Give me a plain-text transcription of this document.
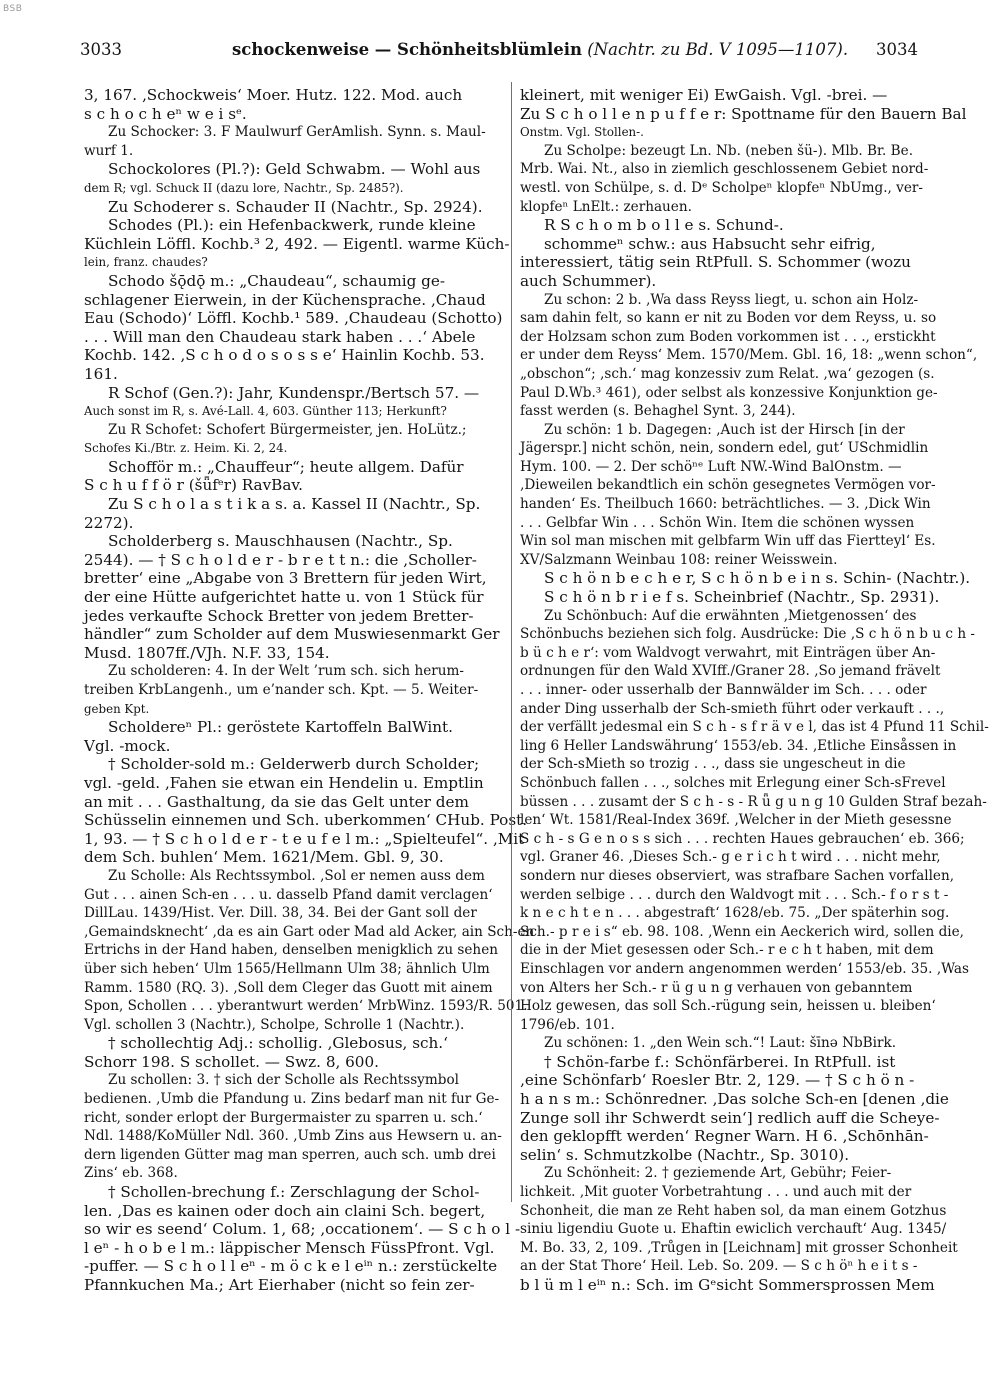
BSB
3033	schockenweise — Schönheitsblümlein (Nachtr. zu Bd. V 1095—1107). 3034
3, 167. ‚Schockweis‘ Moer. Hutz. 122. Mod. auch
s c h o c h eⁿ w e i sᵉ.
Zu Schocker: 3. F Maulwurf GerAmlish. Synn. s. Maul-
wurf 1.
Schockolores (Pl.?): Geld Schwabm. — Wohl aus
dem R; vgl. Schuck II (dazu lore, Nachtr., Sp. 2485?).
Zu Schoderer s. Schauder II (Nachtr., Sp. 2924).
Schodes (Pl.): ein Hefenbackwerk, runde kleine
Küchlein Löffl. Kochb.³ 2, 492. — Eigentl. warme Küch-
lein, franz. chaudes?
Schodo šǭdǭ m.: „Chaudeau“, schaumig ge-
schlagener Eierwein, in der Küchensprache. ‚Chaud
Eau (Schodo)‘ Löffl. Kochb.¹ 589. ‚Chaudeau (Schotto)
. . . Will man den Chaudeau stark haben . . .‘ Abele
Kochb. 142. ‚S c h o d o s o s s e‘ Hainlin Kochb. 53.
161.
R Schof (Gen.?): Jahr, Kundenspr./Bertsch 57. —
Auch sonst im R, s. Avé-Lall. 4, 603. Günther 113; Herkunft?
Zu R Schofet: Schofert Bürgermeister, jen. HoLütz.;
Schofes Ki./Btr. z. Heim. Ki. 2, 24.
Schofför m.: „Chauffeur“; heute allgem. Dafür
S c h u f f ö r (šǖfᵉr) RavBav.
Zu S c h o l a s t i k a s. a. Kassel II (Nachtr., Sp.
2272).
Scholderberg s. Mauschhausen (Nachtr., Sp.
2544). — † S c h o l d e r - b r e t t n.: die ‚Scholler-
bretter‘ eine „Abgabe von 3 Brettern für jeden Wirt,
der eine Hütte aufgerichtet hatte u. von 1 Stück für
jedes verkaufte Schock Bretter von jedem Bretter-
händler“ zum Scholder auf dem Muswiesenmarkt Ger
Musd. 1807ff./VJh. N.F. 33, 154.
Zu scholderen: 4. In der Welt ’rum sch. sich herum-
treiben KrbLangenh., um e’nander sch. Kpt. — 5. Weiter-
geben Kpt.
Scholdereⁿ Pl.: geröstete Kartoffeln BalWint.
Vgl. -mock.
† Scholder-sold m.: Gelderwerb durch Scholder;
vgl. -geld. ‚Fahen sie etwan ein Hendelin u. Emptlin
an mit . . . Gasthaltung, da sie das Gelt unter dem
Schüsselin einnemen und Sch. uberkommen‘ CHub. Post.
1, 93. — † S c h o l d e r - t e u f e l m.: „Spielteufel“. ‚Mit
dem Sch. buhlen‘ Mem. 1621/Mem. Gbl. 9, 30.
Zu Scholle: Als Rechtssymbol. ‚Sol er nemen auss dem
Gut . . . ainen Sch-en . . . u. dasselb Pfand damit verclagen‘
DillLau. 1439/Hist. Ver. Dill. 38, 34. Bei der Gant soll der
‚Gemaindsknecht‘ ‚da es ain Gart oder Mad ald Acker, ain Sch-en
Ertrichs in der Hand haben, denselben menigklich zu sehen
über sich heben‘ Ulm 1565/Hellmann Ulm 38; ähnlich Ulm
Ramm. 1580 (RQ. 3). ‚Soll dem Cleger das Guott mit ainem
Spon, Schollen . . . yberantwurt werden‘ MrbWinz. 1593/R. 501.
Vgl. schollen 3 (Nachtr.), Scholpe, Schrolle 1 (Nachtr.).
† schollechtig Adj.: schollig. ‚Glebosus, sch.‘
Schorr 198. S schollet. — Swz. 8, 600.
Zu schollen: 3. † sich der Scholle als Rechtssymbol
bedienen. ‚Umb die Pfandung u. Zins bedarf man nit fur Ge-
richt, sonder erlopt der Burgermaister zu sparren u. sch.‘
Ndl. 1488/KoMüller Ndl. 360. ‚Umb Zins aus Hewsern u. an-
dern ligenden Gütter mag man sperren, auch sch. umb drei
Zins‘ eb. 368.
† Schollen-brechung f.: Zerschlagung der Schol-
len. ‚Das es kainen oder doch ain claini Sch. begert,
so wir es seend‘ Colum. 1, 68; ‚occationem‘. — S c h o l -
l eⁿ - h o b e l m.: läppischer Mensch FüssPfront. Vgl.
-puffer. — S c h o l l eⁿ - m ö c k e l eⁱⁿ n.: zerstückelte
Pfannkuchen Ma.; Art Eierhaber (nicht so fein zer-
kleinert, mit weniger Ei) EwGaish. Vgl. -brei. —
Zu S c h o l l e n p u f f e r: Spottname für den Bauern Bal
Onstm. Vgl. Stollen-.
Zu Scholpe: bezeugt Ln. Nb. (neben šü-). Mlb. Br. Be.
Mrb. Wai. Nt., also in ziemlich geschlossenem Gebiet nord-
westl. von Schülpe, s. d. Dᵉ Scholpeⁿ klopfeⁿ NbUmg., ver-
klopfeⁿ LnElt.: zerhauen.
R S c h o m b o l l e s. Schund-.
schommeⁿ schw.: aus Habsucht sehr eifrig,
interessiert, tätig sein RtPfull. S. Schommer (wozu
auch Schummer).
Zu schon: 2 b. ‚Wa dass Reyss liegt, u. schon ain Holz-
sam dahin felt, so kann er nit zu Boden vor dem Reyss, u. so
der Holzsam schon zum Boden vorkommen ist . . ., erstickht
er under dem Reyss‘ Mem. 1570/Mem. Gbl. 16, 18: „wenn schon“,
„obschon“; ‚sch.‘ mag konzessiv zum Relat. ‚wa‘ gezogen (s.
Paul D.Wb.³ 461), oder selbst als konzessive Konjunktion ge-
fasst werden (s. Behaghel Synt. 3, 244).
Zu schön: 1 b. Dagegen: ‚Auch ist der Hirsch [in der
Jägerspr.] nicht schön, nein, sondern edel, gut‘ USchmidlin
Hym. 100. — 2. Der schöⁿᵉ Luft NW.-Wind BalOnstm. —
‚Dieweilen bekandtlich ein schön gesegnetes Vermögen vor-
handen‘ Es. Theilbuch 1660: beträchtliches. — 3. ‚Dick Win
. . . Gelbfar Win . . . Schön Win. Item die schönen wyssen
Win sol man mischen mit gelbfarm Win uff das Fiertteyl‘ Es.
XV/Salzmann Weinbau 108: reiner Weisswein.
S c h ö n b e c h e r, S c h ö n b e i n s. Schin- (Nachtr.).
S c h ö n b r i e f s. Scheinbrief (Nachtr., Sp. 2931).
Zu Schönbuch: Auf die erwähnten ‚Mietgenossen‘ des
Schönbuchs beziehen sich folg. Ausdrücke: Die ‚S c h ö n b u c h -
b ü c h e r‘: vom Waldvogt verwahrt, mit Einträgen über An-
ordnungen für den Wald XVIff./Graner 28. ‚So jemand frävelt
. . . inner- oder usserhalb der Bannwälder im Sch. . . . oder
ander Ding usserhalb der Sch-smieth führt oder verkauft . . .,
der verfällt jedesmal ein S c h - s f r ä v e l, das ist 4 Pfund 11 Schil-
ling 6 Heller Landswährung‘ 1553/eb. 34. ‚Etliche Einsåssen in
der Sch-sMieth so trozig . . ., dass sie ungescheut in die
Schönbuch fallen . . ., solches mit Erlegung einer Sch-sFrevel
büssen . . . zusamt der S c h - s - R ǖ g u n g 10 Gulden Straf bezah-
len‘ Wt. 1581/Real-Index 369f. ‚Welcher in der Mieth gesessne
S c h - s G e n o s s sich . . . rechten Haues gebrauchen‘ eb. 366;
vgl. Graner 46. ‚Dieses Sch.- g e r i c h t wird . . . nicht mehr,
sondern nur dieses observiert, was strafbare Sachen vorfallen,
werden selbige . . . durch den Waldvogt mit . . . Sch.- f o r s t -
k n e c h t e n . . . abgestraft‘ 1628/eb. 75. „Der späterhin sog.
Sch.- p r e i s“ eb. 98. 108. ‚Wenn ein Aeckerich wird, sollen die,
die in der Miet gesessen oder Sch.- r e c h t haben, mit dem
Einschlagen vor andern angenommen werden‘ 1553/eb. 35. ‚Was
von Alters her Sch.- r ü g u n g verhauen von gebanntem
Holz gewesen, das soll Sch.-rügung sein, heissen u. bleiben‘
1796/eb. 101.
Zu schönen: 1. „den Wein sch.“! Laut: šīnǝ NbBirk.
† Schön-farbe f.: Schönfärberei. In RtPfull. ist
‚eine Schönfarb‘ Roesler Btr. 2, 129. — † S c h ö n -
h a n s m.: Schönredner. ‚Das solche Sch-en [denen ‚die
Zunge soll ihr Schwerdt sein‘] redlich auff die Scheye-
den geklopfft werden‘ Regner Warn. H 6. ‚Schōnhān-
selin‘ s. Schmutzkolbe (Nachtr., Sp. 3010).
Zu Schönheit: 2. † geziemende Art, Gebühr; Feier-
lichkeit. ‚Mit guoter Vorbetrahtung . . . und auch mit der
Schonheit, die man ze Reht haben sol, da man einem Gotzhus
siniu ligendiu Guote u. Ehaftin ewiclich verchauft‘ Aug. 1345/
M. Bo. 33, 2, 109. ‚Trůgen in [Leichnam] mit grosser Schonheit
an der Stat Thore‘ Heil. Leb. So. 209. — S c h öⁿ h e i t s -
b l ü m l eⁱⁿ n.: Sch. im Gᵉsicht Sommersprossen Mem
